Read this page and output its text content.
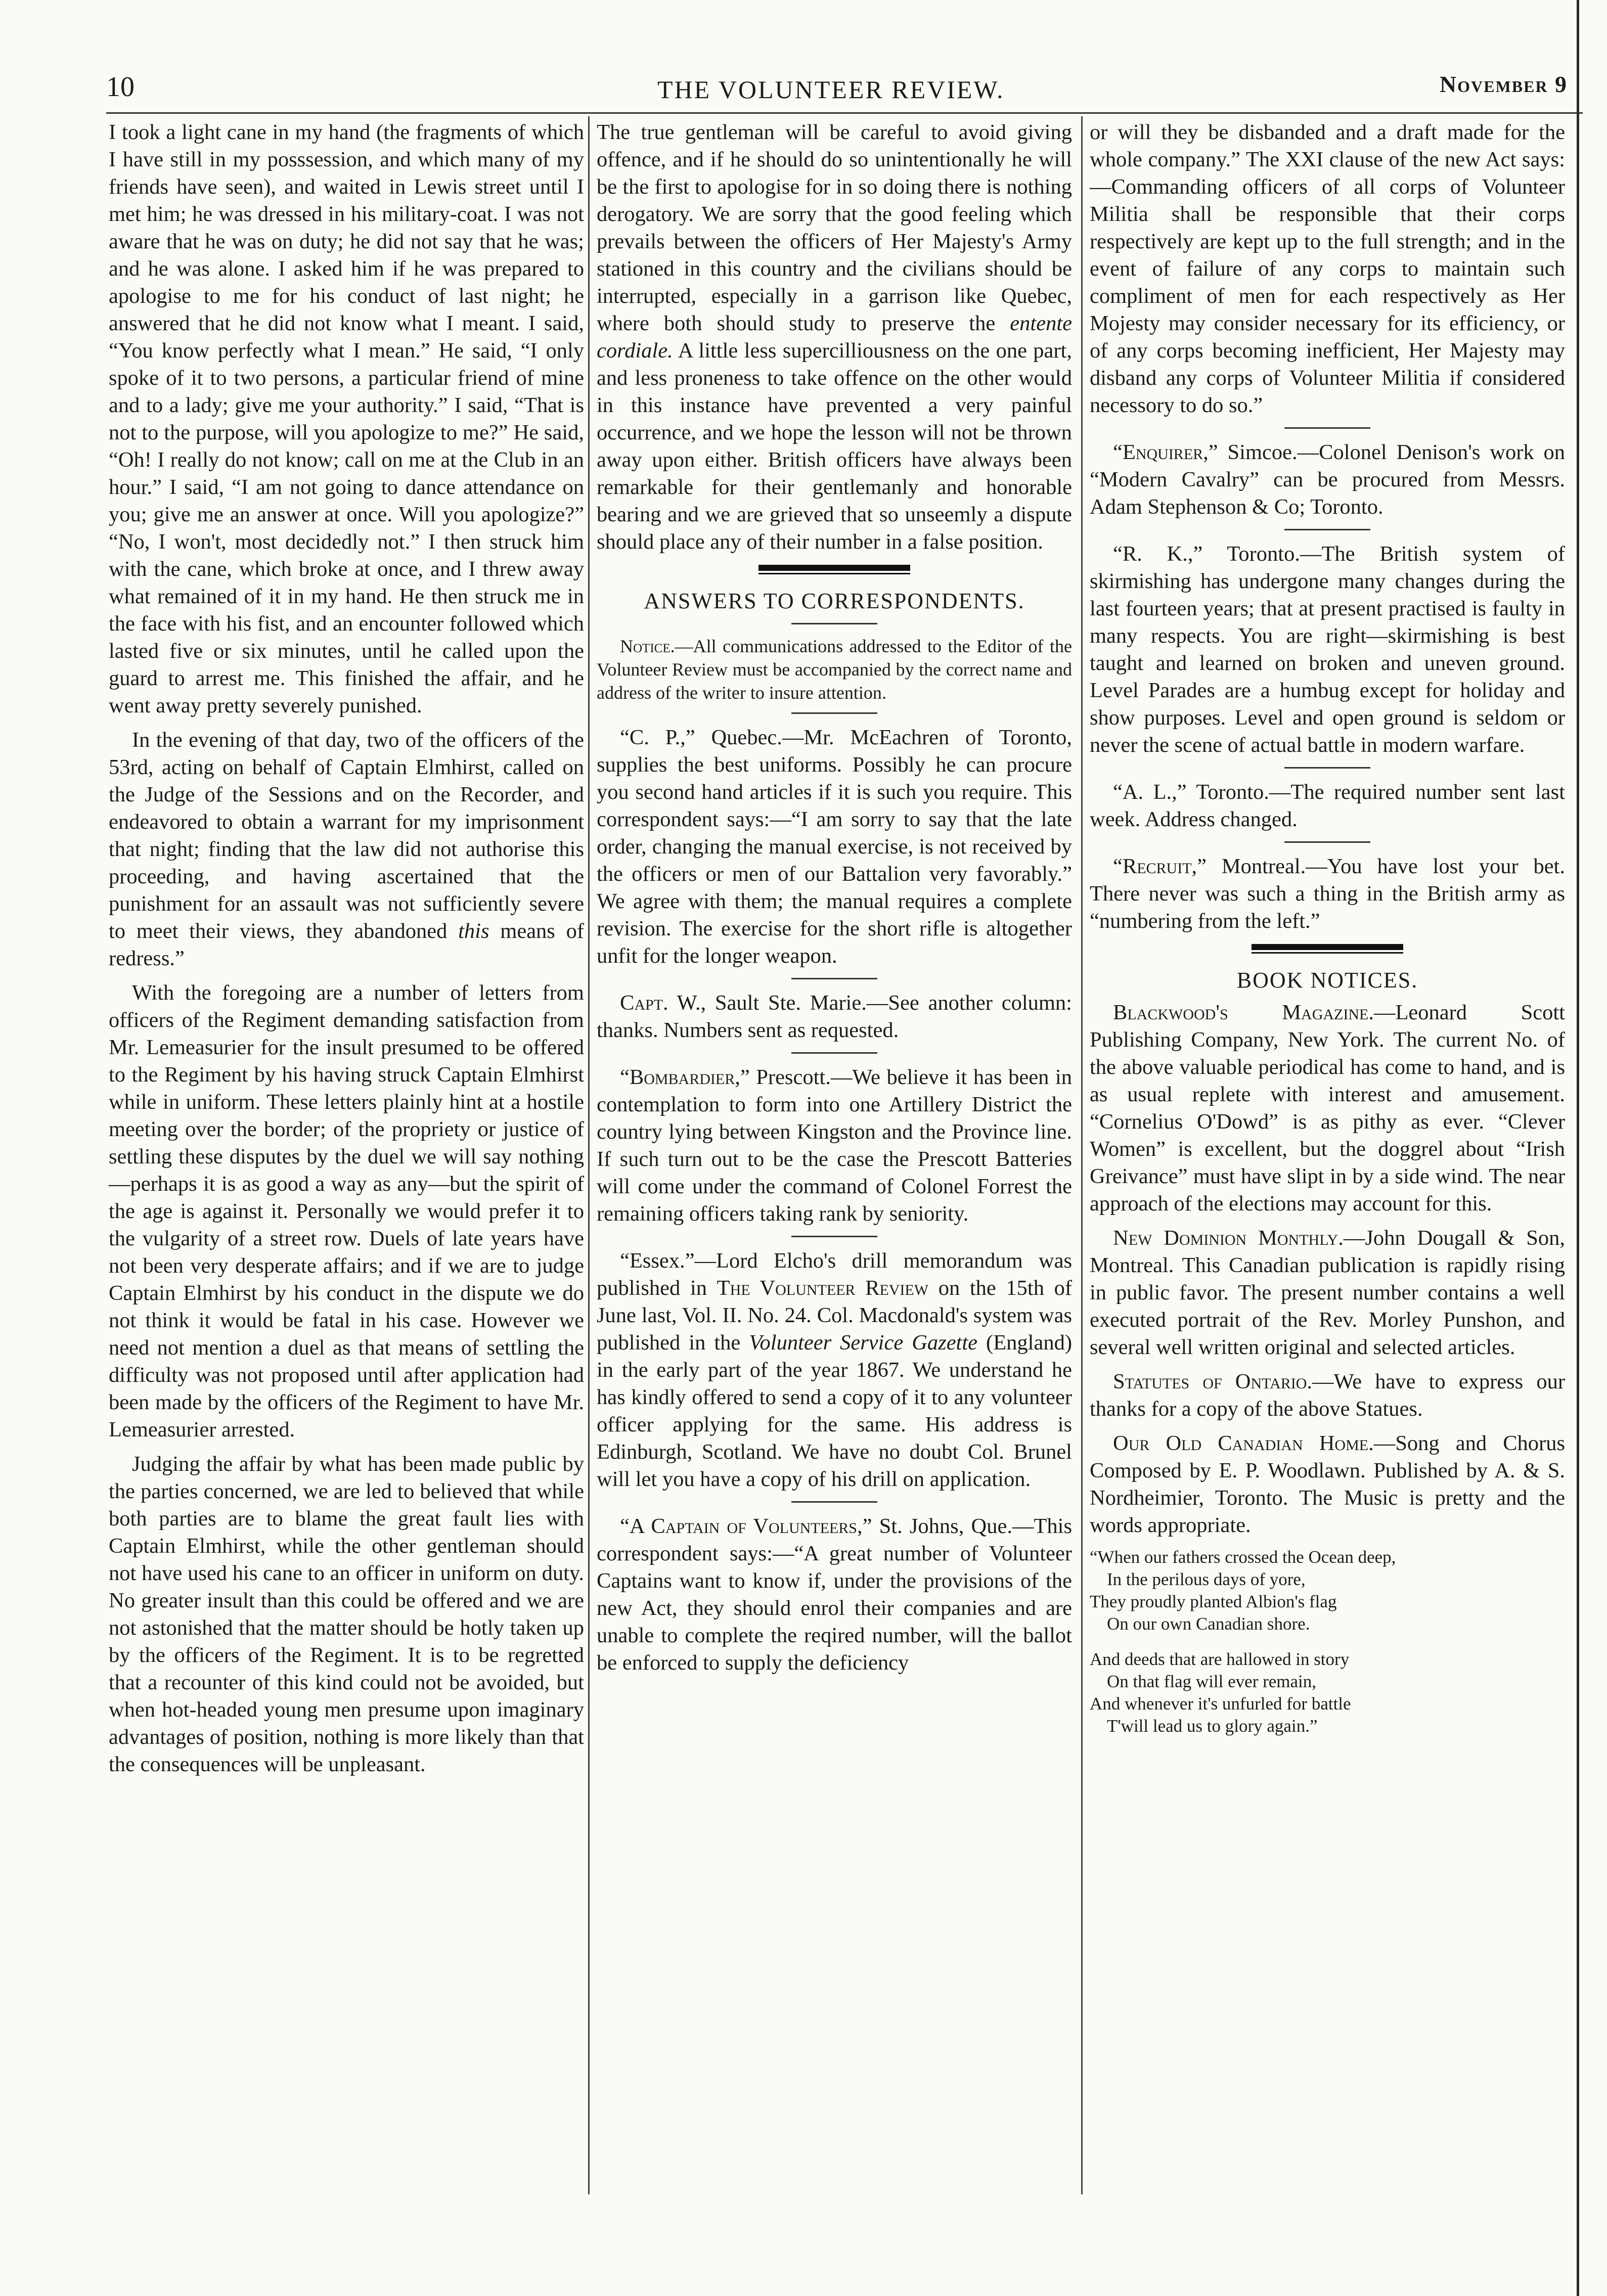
10	THE VOLUNTEER REVIEW.	November 9

I took a light cane in my hand (the fragments of which I have still in my posssession, and which many of my friends have seen), and waited in Lewis street until I met him; he was dressed in his military-coat. I was not aware that he was on duty; he did not say that he was; and he was alone. I asked him if he was prepared to apologise to me for his conduct of last night; he answered that he did not know what I meant. I said, “You know perfectly what I mean.” He said, “I only spoke of it to two persons, a particular friend of mine and to a lady; give me your authority.” I said, “That is not to the purpose, will you apologize to me?” He said, “Oh! I really do not know; call on me at the Club in an hour.” I said, “I am not going to dance attendance on you; give me an answer at once. Will you apologize?” “No, I won't, most decidedly not.” I then struck him with the cane, which broke at once, and I threw away what remained of it in my hand. He then struck me in the face with his fist, and an encounter followed which lasted five or six minutes, until he called upon the guard to arrest me. This finished the affair, and he went away pretty severely punished.

In the evening of that day, two of the officers of the 53rd, acting on behalf of Captain Elmhirst, called on the Judge of the Sessions and on the Recorder, and endeavored to obtain a warrant for my imprisonment that night; finding that the law did not authorise this proceeding, and having ascertained that the punishment for an assault was not sufficiently severe to meet their views, they abandoned this means of redress.”

With the foregoing are a number of letters from officers of the Regiment demanding satisfaction from Mr. Lemeasurier for the insult presumed to be offered to the Regiment by his having struck Captain Elmhirst while in uniform. These letters plainly hint at a hostile meeting over the border; of the propriety or justice of settling these disputes by the duel we will say nothing—perhaps it is as good a way as any—but the spirit of the age is against it. Personally we would prefer it to the vulgarity of a street row. Duels of late years have not been very desperate affairs; and if we are to judge Captain Elmhirst by his conduct in the dispute we do not think it would be fatal in his case. However we need not mention a duel as that means of settling the difficulty was not proposed until after application had been made by the officers of the Regiment to have Mr. Lemeasurier arrested.

Judging the affair by what has been made public by the parties concerned, we are led to believed that while both parties are to blame the great fault lies with Captain Elmhirst, while the other gentleman should not have used his cane to an officer in uniform on duty. No greater insult than this could be offered and we are not astonished that the matter should be hotly taken up by the officers of the Regiment. It is to be regretted that a recounter of this kind could not be avoided, but when hot-headed young men presume upon imaginary advantages of position, nothing is more likely than that the consequences will be unpleasant.

The true gentleman will be careful to avoid giving offence, and if he should do so unintentionally he will be the first to apologise for in so doing there is nothing derogatory. We are sorry that the good feeling which prevails between the officers of Her Majesty's Army stationed in this country and the civilians should be interrupted, especially in a garrison like Quebec, where both should study to preserve the entente cordiale. A little less supercilliousness on the one part, and less proneness to take offence on the other would in this instance have prevented a very painful occurrence, and we hope the lesson will not be thrown away upon either. British officers have always been remarkable for their gentlemanly and honorable bearing and we are grieved that so unseemly a dispute should place any of their number in a false position.

ANSWERS TO CORRESPONDENTS.

Notice.—All communications addressed to the Editor of the Volunteer Review must be accompanied by the correct name and address of the writer to insure attention.

“C. P.,” Quebec.—Mr. McEachren of Toronto, supplies the best uniforms. Possibly he can procure you second hand articles if it is such you require. This correspondent says:—“I am sorry to say that the late order, changing the manual exercise, is not received by the officers or men of our Battalion very favorably.” We agree with them; the manual requires a complete revision. The exercise for the short rifle is altogether unfit for the longer weapon.

Capt. W., Sault Ste. Marie.—See another column: thanks. Numbers sent as requested.

“Bombardier,” Prescott.—We believe it has been in contemplation to form into one Artillery District the country lying between Kingston and the Province line. If such turn out to be the case the Prescott Batteries will come under the command of Colonel Forrest the remaining officers taking rank by seniority.

“Essex.”—Lord Elcho's drill memorandum was published in The Volunteer Review on the 15th of June last, Vol. II. No. 24. Col. Macdonald's system was published in the Volunteer Service Gazette (England) in the early part of the year 1867. We understand he has kindly offered to send a copy of it to any volunteer officer applying for the same. His address is Edinburgh, Scotland. We have no doubt Col. Brunel will let you have a copy of his drill on application.

“A Captain of Volunteers,” St. Johns, Que.—This correspondent says:—“A great number of Volunteer Captains want to know if, under the provisions of the new Act, they should enrol their companies and are unable to complete the reqired number, will the ballot be enforced to supply the deficiency

or will they be disbanded and a draft made for the whole company.” The XXI clause of the new Act says:—Commanding officers of all corps of Volunteer Militia shall be responsible that their corps respectively are kept up to the full strength; and in the event of failure of any corps to maintain such compliment of men for each respectively as Her Mojesty may consider necessary for its efficiency, or of any corps becoming inefficient, Her Majesty may disband any corps of Volunteer Militia if considered necessory to do so.”

“Enquirer,” Simcoe.—Colonel Denison's work on “Modern Cavalry” can be procured from Messrs. Adam Stephenson & Co; Toronto.

“R. K.,” Toronto.—The British system of skirmishing has undergone many changes during the last fourteen years; that at present practised is faulty in many respects. You are right—skirmishing is best taught and learned on broken and uneven ground. Level Parades are a humbug except for holiday and show purposes. Level and open ground is seldom or never the scene of actual battle in modern warfare.

“A. L.,” Toronto.—The required number sent last week. Address changed.

“Recruit,” Montreal.—You have lost your bet. There never was such a thing in the British army as “numbering from the left.”

BOOK NOTICES.

Blackwood's Magazine.—Leonard Scott Publishing Company, New York. The current No. of the above valuable periodical has come to hand, and is as usual replete with interest and amusement. “Cornelius O'Dowd” is as pithy as ever. “Clever Women” is excellent, but the doggrel about “Irish Greivance” must have slipt in by a side wind. The near approach of the elections may account for this.

New Dominion Monthly.—John Dougall & Son, Montreal. This Canadian publication is rapidly rising in public favor. The present number contains a well executed portrait of the Rev. Morley Punshon, and several well written original and selected articles.

Statutes of Ontario.—We have to express our thanks for a copy of the above Statues.

Our Old Canadian Home.—Song and Chorus Composed by E. P. Woodlawn. Published by A. & S. Nordheimier, Toronto. The Music is pretty and the words appropriate.

“When our fathers crossed the Ocean deep,
In the perilous days of yore,
They proudly planted Albion's flag
On our own Canadian shore.
And deeds that are hallowed in story
On that flag will ever remain,
And whenever it's unfurled for battle
T'will lead us to glory again.”
